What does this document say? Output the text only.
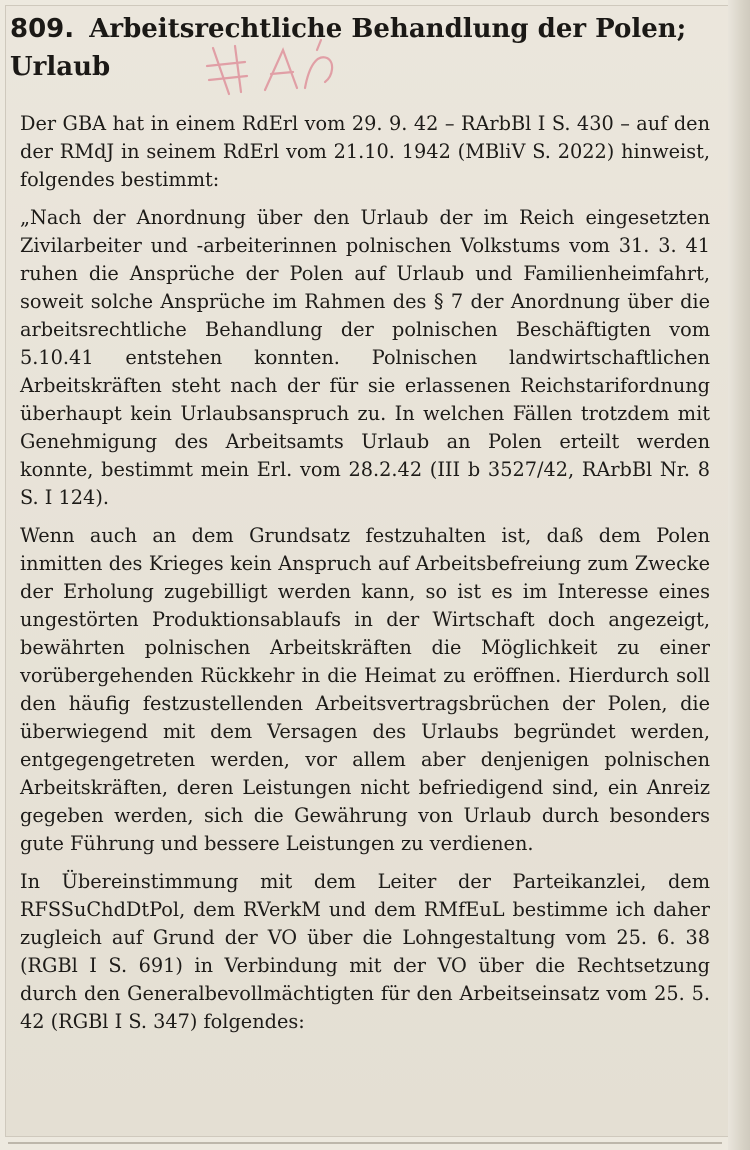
809. Arbeitsrechtliche Behandlung der Polen; Urlaub

Der GBA hat in einem RdErl vom 29. 9. 42 – RArbBl I S. 430 – auf den der RMdJ in seinem RdErl vom 21.10. 1942 (MBliV S. 2022) hinweist, folgendes bestimmt:

„Nach der Anordnung über den Urlaub der im Reich eingesetzten Zivilarbeiter und -arbeiterinnen polnischen Volkstums vom 31. 3. 41 ruhen die Ansprüche der Polen auf Urlaub und Familienheimfahrt, soweit solche Ansprüche im Rahmen des § 7 der Anordnung über die arbeitsrechtliche Behandlung der polnischen Beschäftigten vom 5.10.41 entstehen konnten. Polnischen landwirtschaftlichen Arbeitskräften steht nach der für sie erlassenen Reichstarifordnung überhaupt kein Urlaubsanspruch zu. In welchen Fällen trotzdem mit Genehmigung des Arbeitsamts Urlaub an Polen erteilt werden konnte, bestimmt mein Erl. vom 28.2.42 (III b 3527/42, RArbBl Nr. 8 S. I 124).

Wenn auch an dem Grundsatz festzuhalten ist, daß dem Polen inmitten des Krieges kein Anspruch auf Arbeitsbefreiung zum Zwecke der Erholung zugebilligt werden kann, so ist es im Interesse eines ungestörten Produktionsablaufs in der Wirtschaft doch angezeigt, bewährten polnischen Arbeitskräften die Möglichkeit zu einer vorübergehenden Rückkehr in die Heimat zu eröffnen. Hierdurch soll den häufig festzustellenden Arbeitsvertragsbrüchen der Polen, die überwiegend mit dem Versagen des Urlaubs begründet werden, entgegengetreten werden, vor allem aber denjenigen polnischen Arbeitskräften, deren Leistungen nicht befriedigend sind, ein Anreiz gegeben werden, sich die Gewährung von Urlaub durch besonders gute Führung und bessere Leistungen zu verdienen.

In Übereinstimmung mit dem Leiter der Parteikanzlei, dem RFSSuChdDtPol, dem RVerkM und dem RMfEuL bestimme ich daher zugleich auf Grund der VO über die Lohngestaltung vom 25. 6. 38 (RGBl I S. 691) in Verbindung mit der VO über die Rechtsetzung durch den Generalbevollmächtigten für den Arbeitseinsatz vom 25. 5. 42 (RGBl I S. 347) folgendes:
